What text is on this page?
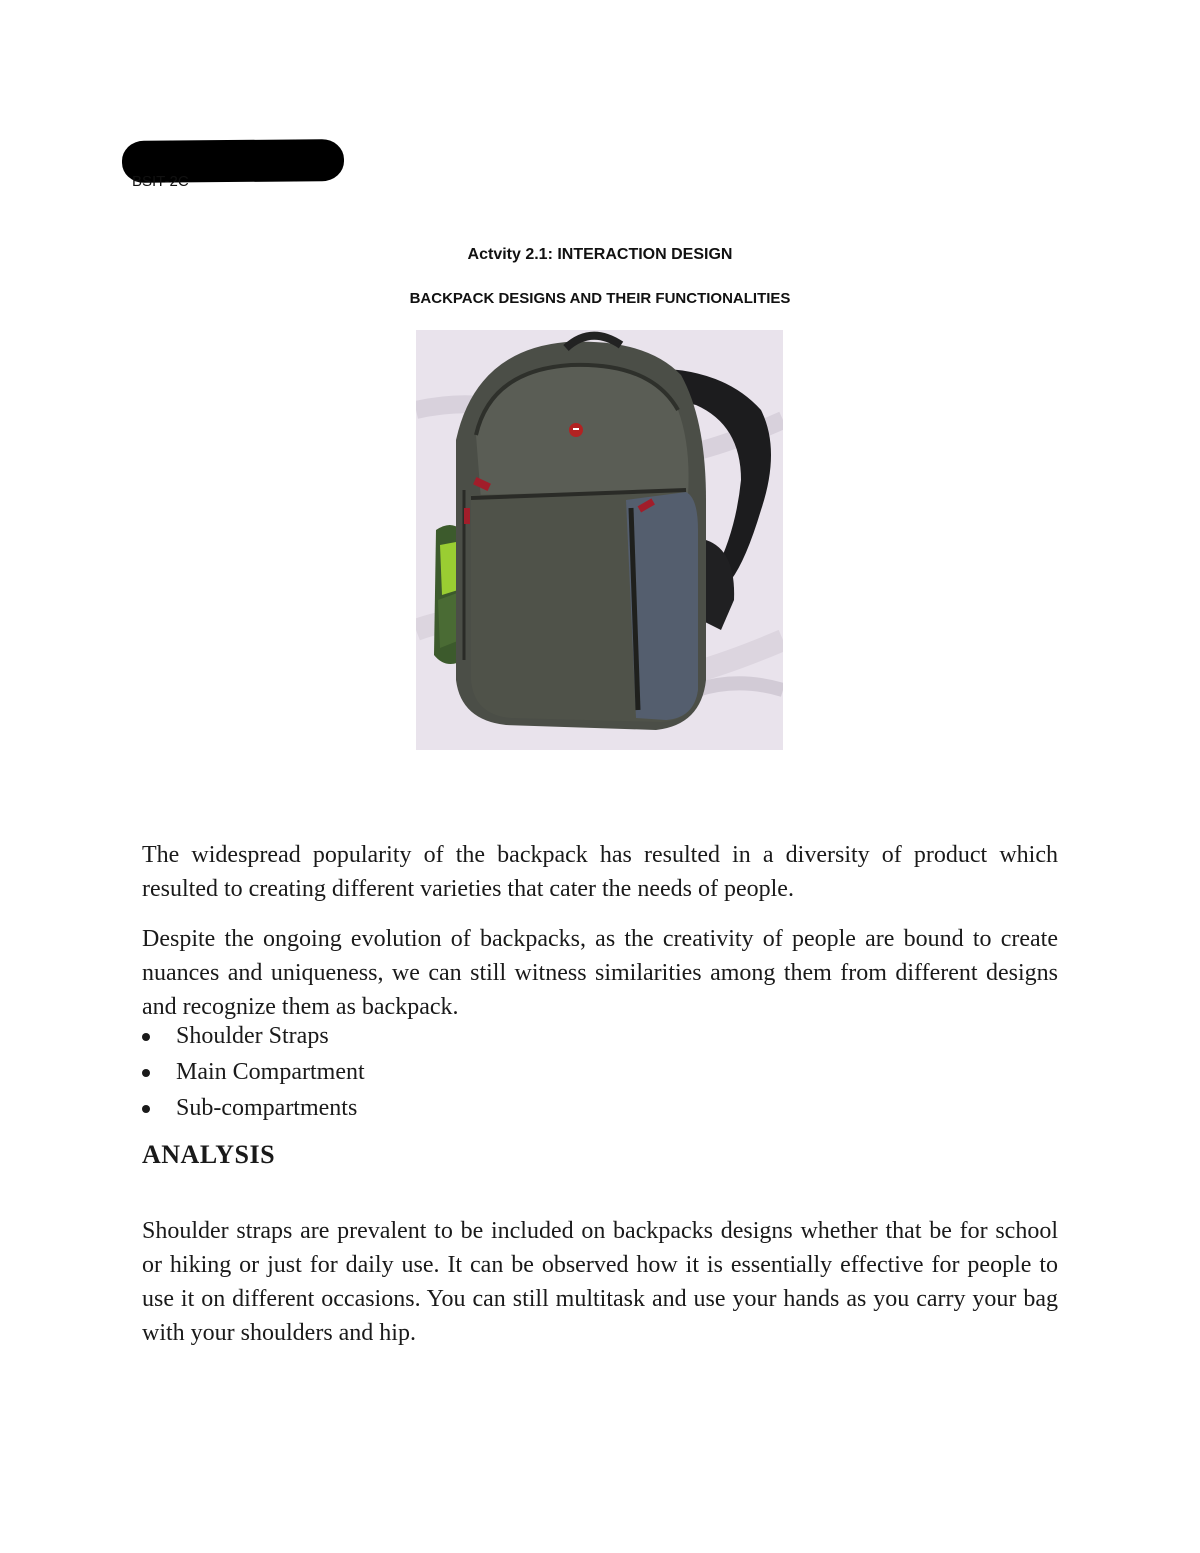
BSIT-2C
Actvity 2.1: INTERACTION DESIGN
BACKPACK DESIGNS AND THEIR FUNCTIONALITIES

The widespread popularity of the backpack has resulted in a diversity of product which resulted to creating different varieties that cater the needs of people.

Despite the ongoing evolution of backpacks, as the creativity of people are bound to create nuances and uniqueness, we can still witness similarities among them from different designs and recognize them as backpack.

Shoulder Straps
Main Compartment
Sub-compartments
ANALYSIS

Shoulder straps are prevalent to be included on backpacks designs whether that be for school or hiking or just for daily use. It can be observed how it is essentially effective for people to use it on different occasions. You can still multitask and use your hands as you carry your bag with your shoulders and hip.
